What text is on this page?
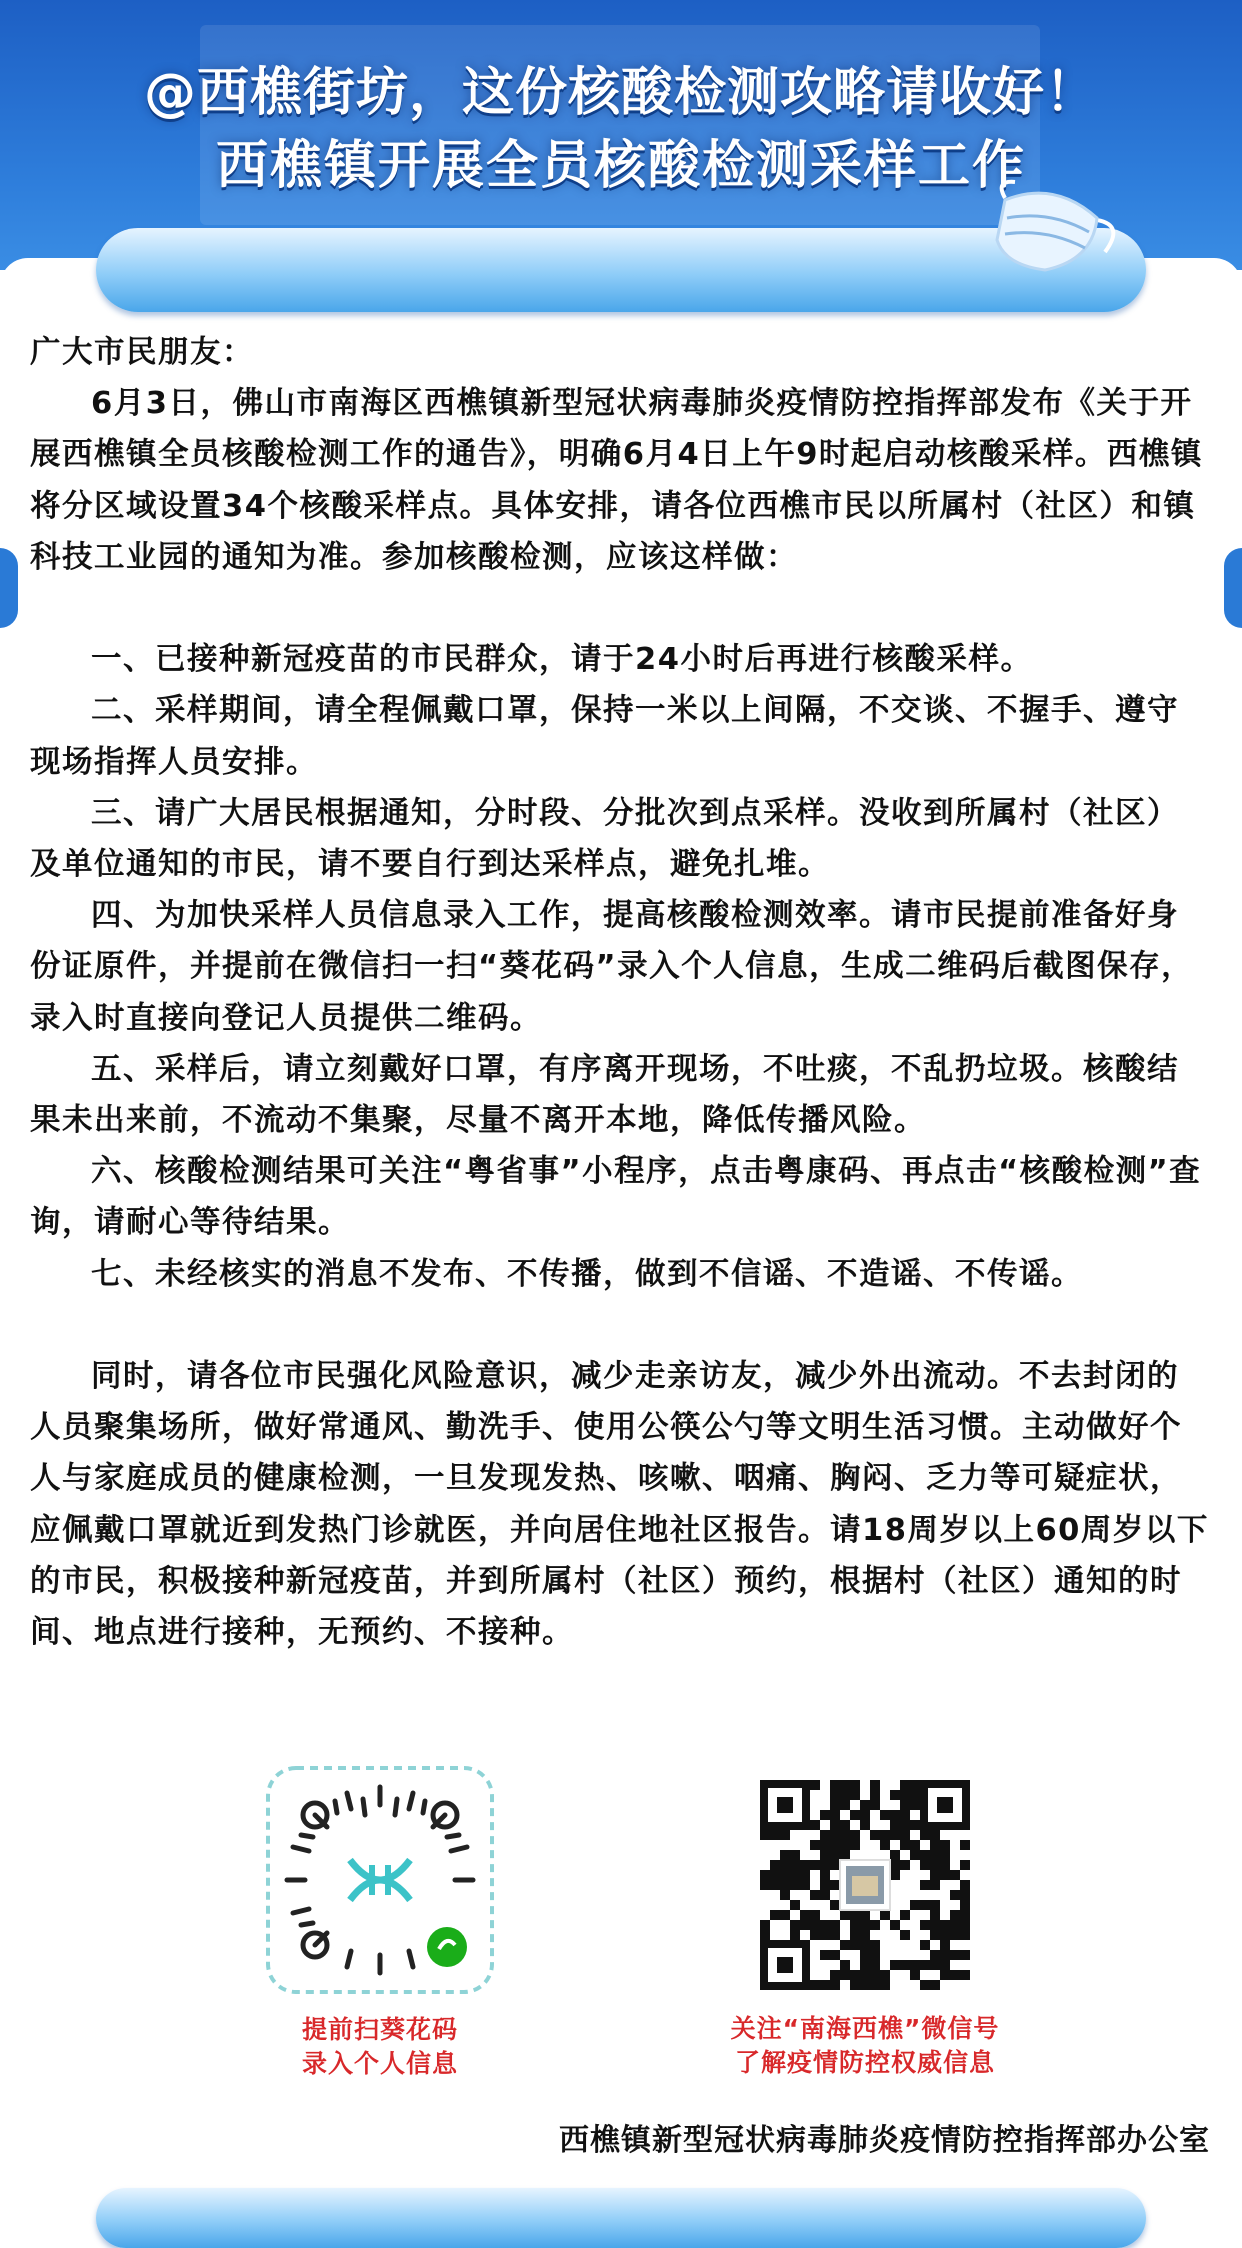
@西樵街坊，这份核酸检测攻略请收好！
西樵镇开展全员核酸检测采样工作

广大市民朋友：

6月3日，佛山市南海区西樵镇新型冠状病毒肺炎疫情防控指挥部发布《关于开展西樵镇全员核酸检测工作的通告》，明确6月4日上午9时起启动核酸采样。西樵镇将分区域设置34个核酸采样点。具体安排，请各位西樵市民以所属村（社区）和镇科技工业园的通知为准。参加核酸检测，应该这样做：

一、已接种新冠疫苗的市民群众，请于24小时后再进行核酸采样。

二、采样期间，请全程佩戴口罩，保持一米以上间隔，不交谈、不握手、遵守现场指挥人员安排。

三、请广大居民根据通知，分时段、分批次到点采样。没收到所属村（社区）及单位通知的市民，请不要自行到达采样点，避免扎堆。

四、为加快采样人员信息录入工作，提高核酸检测效率。请市民提前准备好身份证原件，并提前在微信扫一扫“葵花码”录入个人信息，生成二维码后截图保存，录入时直接向登记人员提供二维码。

五、采样后，请立刻戴好口罩，有序离开现场，不吐痰，不乱扔垃圾。核酸结果未出来前，不流动不集聚，尽量不离开本地，降低传播风险。

六、核酸检测结果可关注“粤省事”小程序，点击粤康码、再点击“核酸检测”查询，请耐心等待结果。

七、未经核实的消息不发布、不传播，做到不信谣、不造谣、不传谣。

同时，请各位市民强化风险意识，减少走亲访友，减少外出流动。不去封闭的人员聚集场所，做好常通风、勤洗手、使用公筷公勺等文明生活习惯。主动做好个人与家庭成员的健康检测，一旦发现发热、咳嗽、咽痛、胸闷、乏力等可疑症状，应佩戴口罩就近到发热门诊就医，并向居住地社区报告。请18周岁以上60周岁以下的市民，积极接种新冠疫苗，并到所属村（社区）预约，根据村（社区）通知的时间、地点进行接种，无预约、不接种。

提前扫葵花码
录入个人信息
关注“南海西樵”微信号
了解疫情防控权威信息
西樵镇新型冠状病毒肺炎疫情防控指挥部办公室
